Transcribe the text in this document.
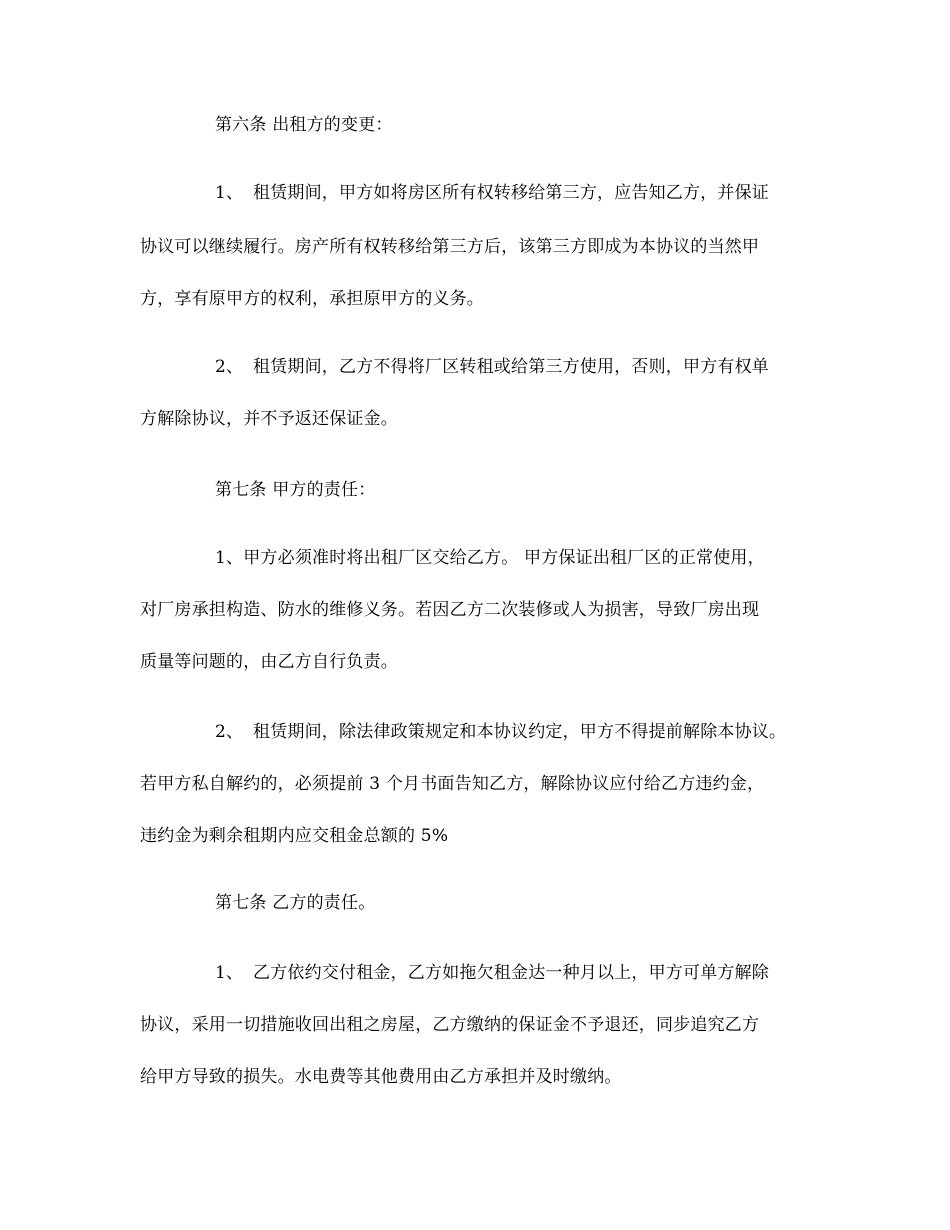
第六条 出租方的变更：
1、 租赁期间，甲方如将房区所有权转移给第三方，应告知乙方，并保证
协议可以继续履行。房产所有权转移给第三方后，该第三方即成为本协议的当然甲
方，享有原甲方的权利，承担原甲方的义务。
2、 租赁期间，乙方不得将厂区转租或给第三方使用，否则，甲方有权单
方解除协议，并不予返还保证金。
第七条 甲方的责任：
1、甲方必须准时将出租厂区交给乙方。 甲方保证出租厂区的正常使用，
对厂房承担构造、防水的维修义务。若因乙方二次装修或人为损害，导致厂房出现
质量等问题的，由乙方自行负责。
2、 租赁期间，除法律政策规定和本协议约定，甲方不得提前解除本协议。
若甲方私自解约的，必须提前 3 个月书面告知乙方，解除协议应付给乙方违约金，
违约金为剩余租期内应交租金总额的 5%
第七条 乙方的责任。
1、 乙方依约交付租金，乙方如拖欠租金达一种月以上，甲方可单方解除
协议，采用一切措施收回出租之房屋，乙方缴纳的保证金不予退还，同步追究乙方
给甲方导致的损失。水电费等其他费用由乙方承担并及时缴纳。
